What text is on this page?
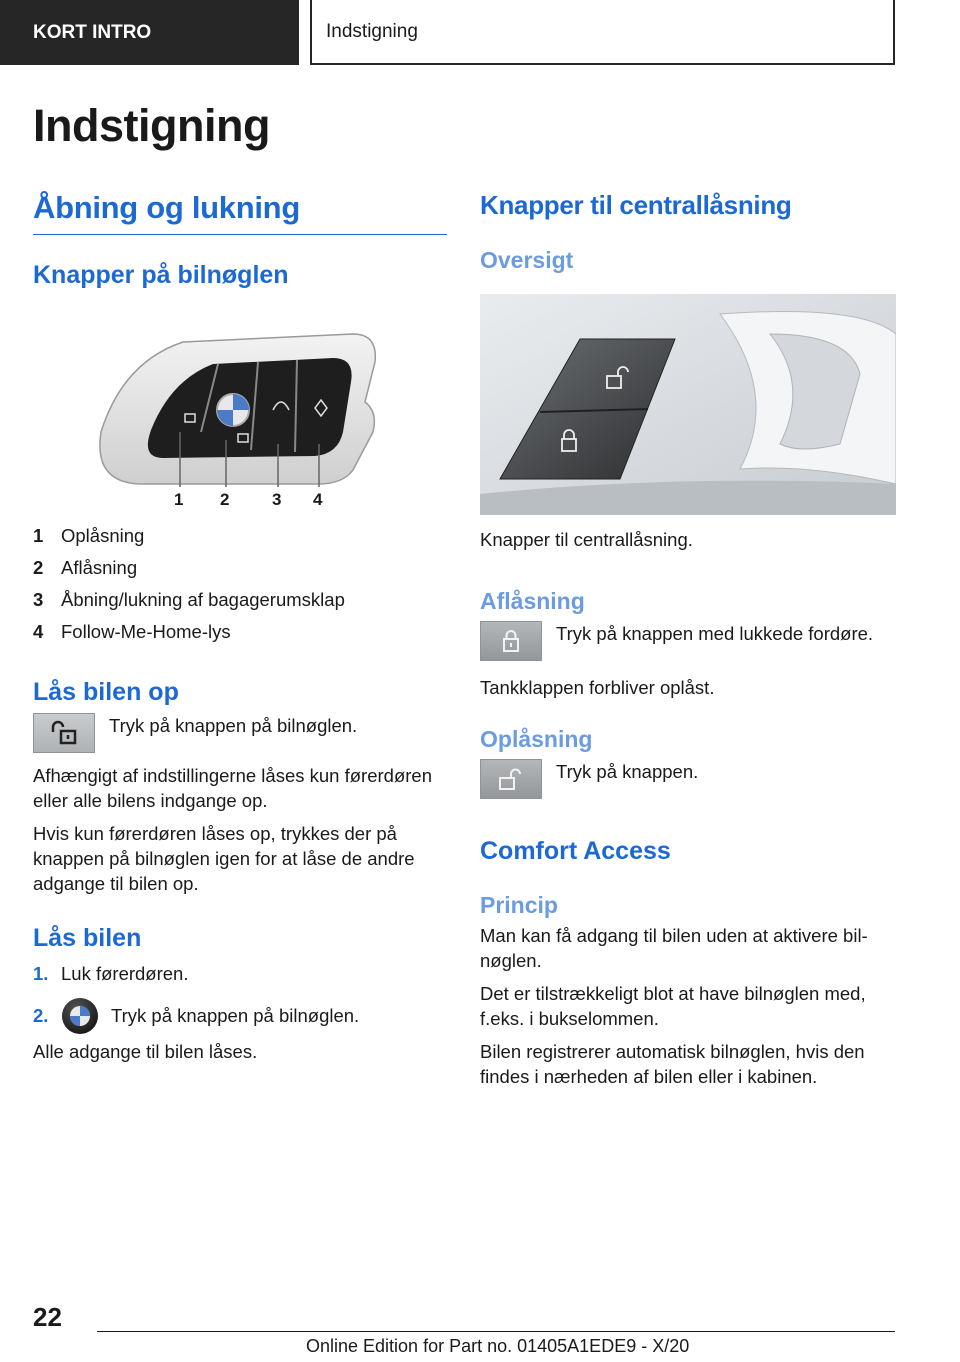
KORT INTRO	Indstigning
Indstigning
Åbning og lukning
Knapper på bilnøglen
1 2	3 4
1 Oplåsning
2 Aflåsning
3 Åbning/lukning af bagagerumsklap
4 Follow-Me-Home-lys
Lås bilen op

Tryk på knappen på bilnøglen.

Afhængigt af indstillingerne låses kun førerdøren eller alle bilens indgange op.

Hvis kun førerdøren låses op, trykkes der på knappen på bilnøglen igen for at låse de andre adgange til bilen op.

Lås bilen
1. Luk førerdøren.
2.	Tryk på knappen på bilnøglen.

Alle adgange til bilen låses.

Knapper til centrallåsning
Oversigt

Knapper til centrallåsning.

Aflåsning

Tryk på knappen med lukkede fordøre.

Tankklappen forbliver oplåst.

Oplåsning

Tryk på knappen.

Comfort Access
Princip

Man kan få adgang til bilen uden at aktivere bil-nøglen.

Det er tilstrækkeligt blot at have bilnøglen med, f.eks. i bukselommen.

Bilen registrerer automatisk bilnøglen, hvis den findes i nærheden af bilen eller i kabinen.

22

Online Edition for Part no. 01405A1EDE9 - X/20
